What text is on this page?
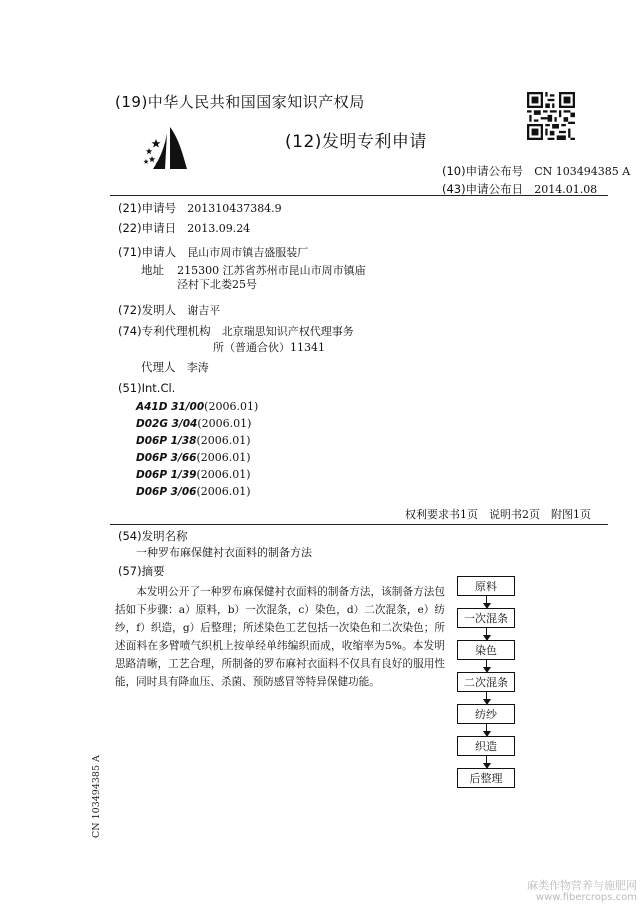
(19)中华人民共和国国家知识产权局
(12)发明专利申请
(10)申请公布号 CN 103494385 A
(43)申请公布日 2014.01.08
(21)申请号 201310437384.9
(22)申请日 2013.09.24
(71)申请人 昆山市周市镇吉盛服装厂
地址 215300 江苏省苏州市昆山市周市镇庙
泾村下北娄25号
(72)发明人 谢吉平
(74)专利代理机构 北京瑞思知识产权代理事务
所（普通合伙）11341
代理人 李涛
(51)Int.Cl.
A41D 31/00(2006.01)
D02G 3/04(2006.01)
D06P 1/38(2006.01)
D06P 3/66(2006.01)
D06P 1/39(2006.01)
D06P 3/06(2006.01)
权利要求书1页　说明书2页　附图1页
(54)发明名称
一种罗布麻保健衬衣面料的制备方法
(57)摘要
本发明公开了一种罗布麻保健衬衣面料的制备方法，该制备方法包括如下步骤：a）原料，b）一次混条，c）染色，d）二次混条，e）纺纱，f）织造，g）后整理；所述染色工艺包括一次染色和二次染色；所述面料在多臂喷气织机上按单经单纬编织而成，收缩率为5%。本发明思路清晰，工艺合理，所制备的罗布麻衬衣面料不仅具有良好的服用性能，同时具有降血压、杀菌、预防感冒等特异保健功能。
原料
一次混条
染色
二次混条
纺纱
织造
后整理
CN 103494385 A
麻类作物营养与施肥网
www.fibercrops.com
